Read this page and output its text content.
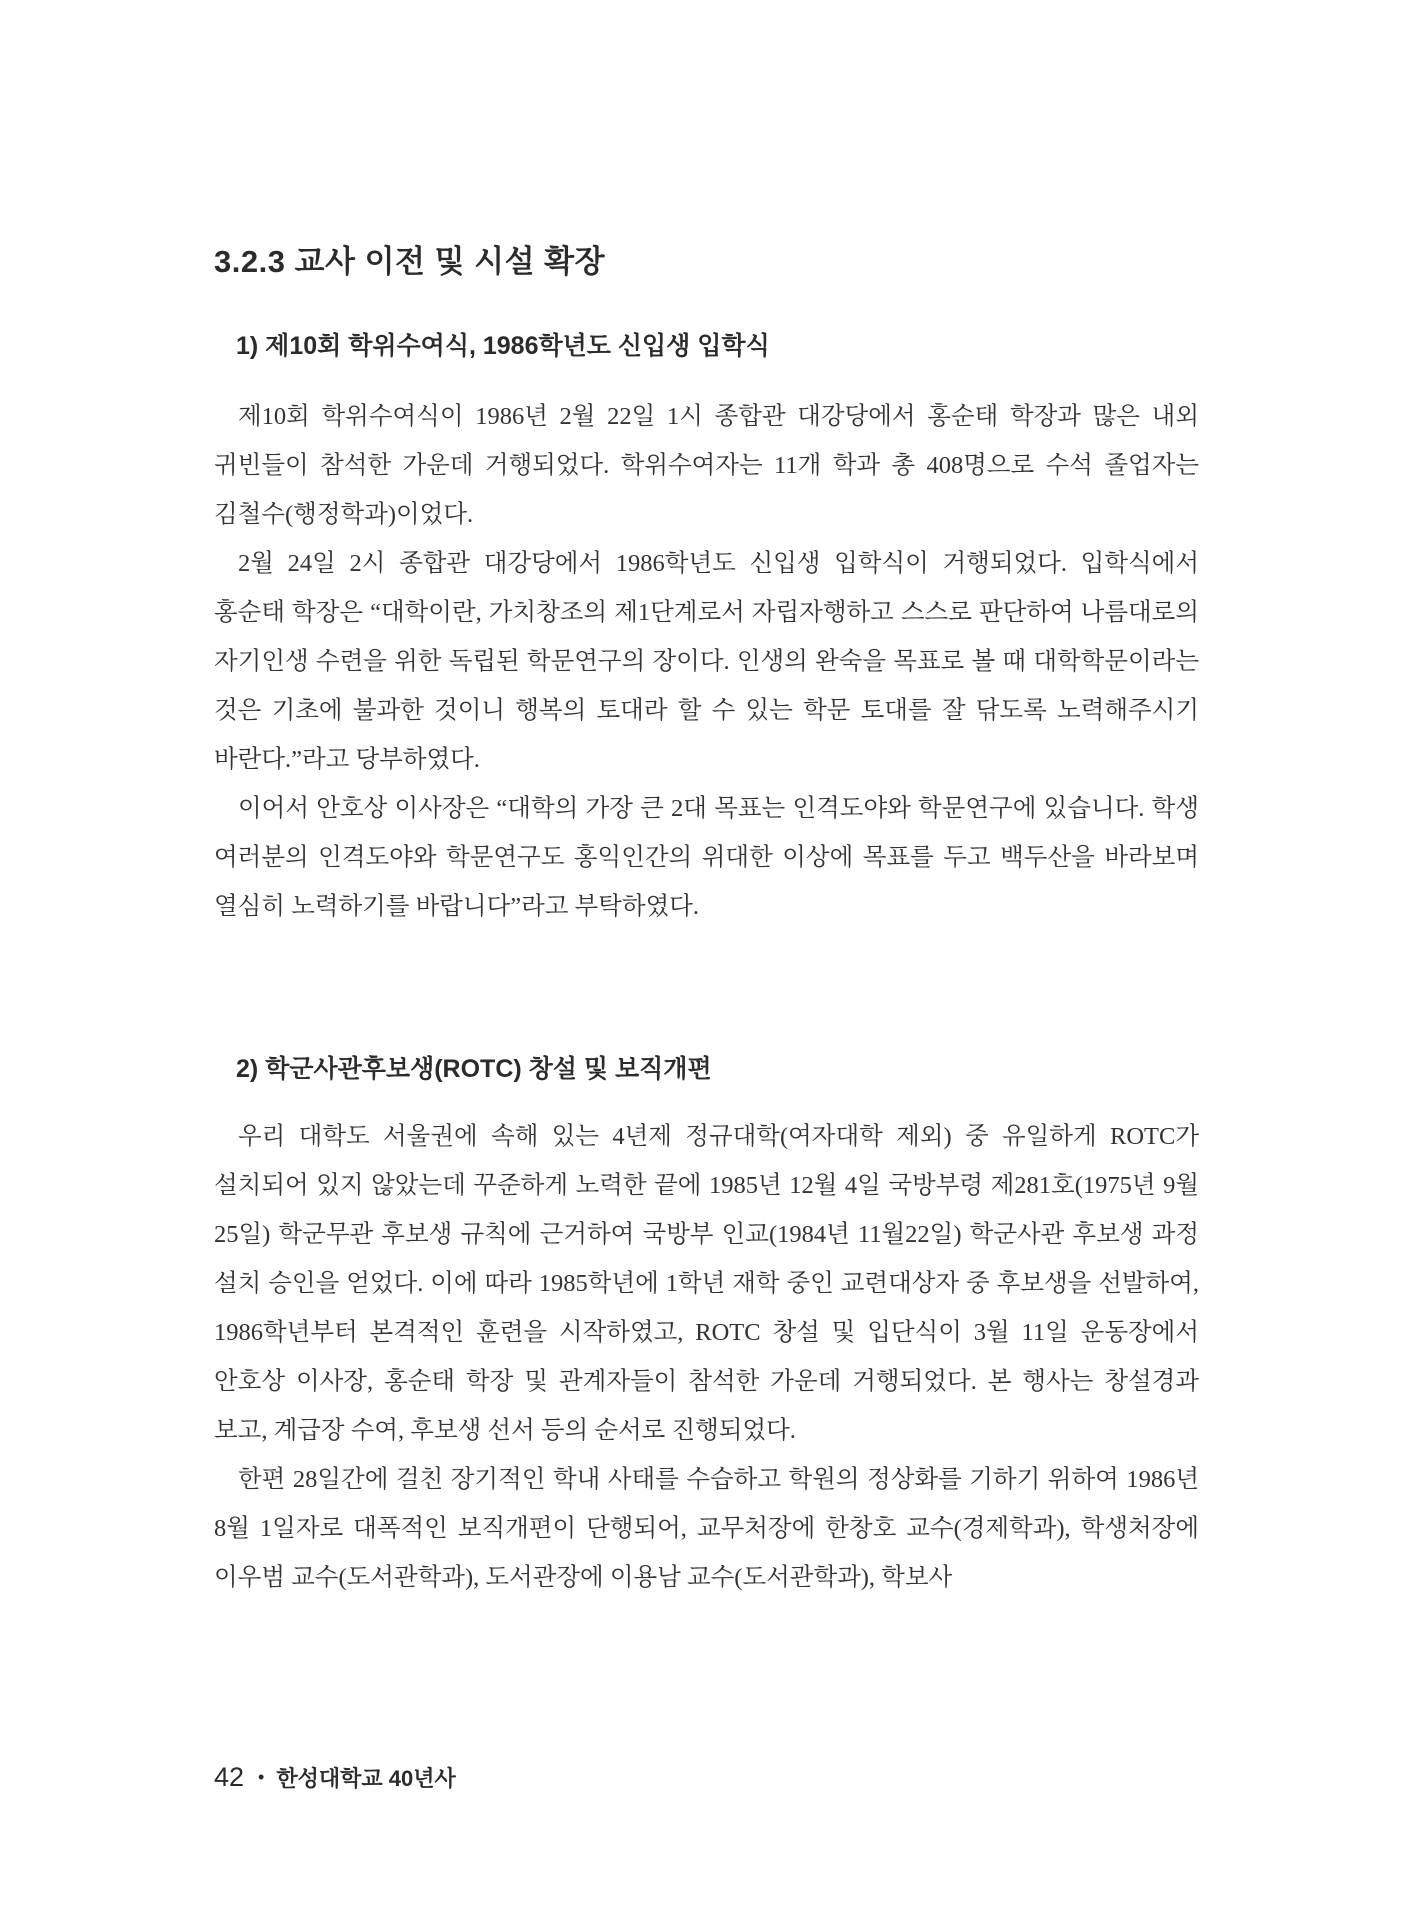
3.2.3 교사 이전 및 시설 확장
1) 제10회 학위수여식, 1986학년도 신입생 입학식

제10회 학위수여식이 1986년 2월 22일 1시 종합관 대강당에서 홍순태 학장과 많은 내외 귀빈들이 참석한 가운데 거행되었다. 학위수여자는 11개 학과 총 408명으로 수석 졸업자는 김철수(행정학과)이었다.

2월 24일 2시 종합관 대강당에서 1986학년도 신입생 입학식이 거행되었다. 입학식에서 홍순태 학장은 “대학이란, 가치창조의 제1단계로서 자립자행하고 스스로 판단하여 나름대로의 자기인생 수련을 위한 독립된 학문연구의 장이다. 인생의 완숙을 목표로 볼 때 대학학문이라는 것은 기초에 불과한 것이니 행복의 토대라 할 수 있는 학문 토대를 잘 닦도록 노력해주시기 바란다.”라고 당부하였다.

이어서 안호상 이사장은 “대학의 가장 큰 2대 목표는 인격도야와 학문연구에 있습니다. 학생 여러분의 인격도야와 학문연구도 홍익인간의 위대한 이상에 목표를 두고 백두산을 바라보며 열심히 노력하기를 바랍니다”라고 부탁하였다.

2) 학군사관후보생(ROTC) 창설 및 보직개편

우리 대학도 서울권에 속해 있는 4년제 정규대학(여자대학 제외) 중 유일하게 ROTC가 설치되어 있지 않았는데 꾸준하게 노력한 끝에 1985년 12월 4일 국방부령 제281호(1975년 9월 25일) 학군무관 후보생 규칙에 근거하여 국방부 인교(1984년 11월22일) 학군사관 후보생 과정 설치 승인을 얻었다. 이에 따라 1985학년에 1학년 재학 중인 교련대상자 중 후보생을 선발하여, 1986학년부터 본격적인 훈련을 시작하였고, ROTC 창설 및 입단식이 3월 11일 운동장에서 안호상 이사장, 홍순태 학장 및 관계자들이 참석한 가운데 거행되었다. 본 행사는 창설경과 보고, 계급장 수여, 후보생 선서 등의 순서로 진행되었다.

한편 28일간에 걸친 장기적인 학내 사태를 수습하고 학원의 정상화를 기하기 위하여 1986년 8월 1일자로 대폭적인 보직개편이 단행되어, 교무처장에 한창호 교수(경제학과), 학생처장에 이우범 교수(도서관학과), 도서관장에 이용남 교수(도서관학과), 학보사

42 • 한성대학교 40년사
